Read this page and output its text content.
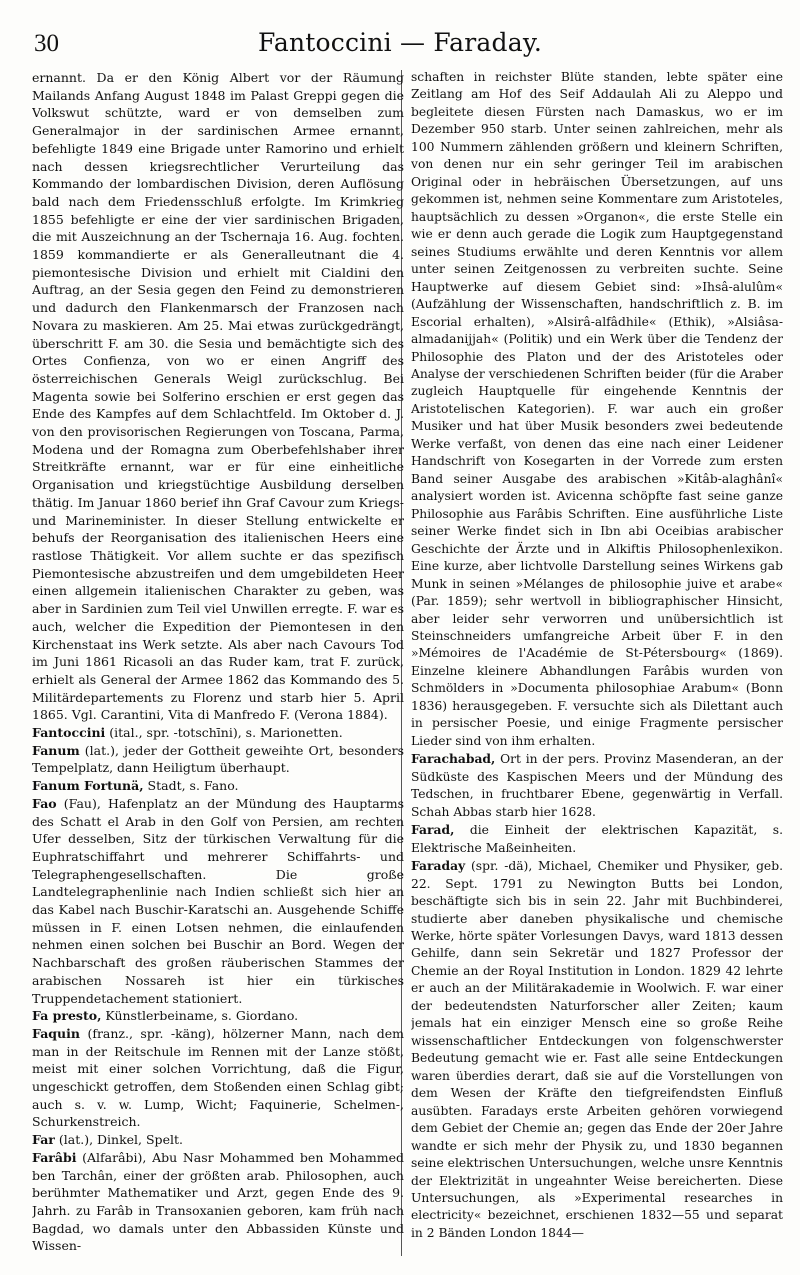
30	Fantoccini — Faraday.

ernannt. Da er den König Albert vor der Räumung Mailands Anfang August 1848 im Palast Greppi gegen die Volkswut schützte, ward er von demselben zum Generalmajor in der sardinischen Armee ernannt, befehligte 1849 eine Brigade unter Ramorino und erhielt nach dessen kriegsrechtlicher Verurteilung das Kommando der lombardischen Division, deren Auflösung bald nach dem Friedensschluß erfolgte. Im Krimkrieg 1855 befehligte er eine der vier sardinischen Brigaden, die mit Auszeichnung an der Tschernaja 16. Aug. fochten. 1859 kommandierte er als Generalleutnant die 4. piemontesische Division und erhielt mit Cialdini den Auftrag, an der Sesia gegen den Feind zu demonstrieren und dadurch den Flankenmarsch der Franzosen nach Novara zu maskieren. Am 25. Mai etwas zurückgedrängt, überschritt F. am 30. die Sesia und bemächtigte sich des Ortes Confienza, von wo er einen Angriff des österreichischen Generals Weigl zurückschlug. Bei Magenta sowie bei Solferino erschien er erst gegen das Ende des Kampfes auf dem Schlachtfeld. Im Oktober d. J. von den provisorischen Regierungen von Toscana, Parma, Modena und der Romagna zum Oberbefehlshaber ihrer Streitkräfte ernannt, war er für eine einheitliche Organisation und kriegstüchtige Ausbildung derselben thätig. Im Januar 1860 berief ihn Graf Cavour zum Kriegs- und Marineminister. In dieser Stellung entwickelte er behufs der Reorganisation des italienischen Heers eine rastlose Thätigkeit. Vor allem suchte er das spezifisch Piemontesische abzustreifen und dem umgebildeten Heer einen allgemein italienischen Charakter zu geben, was aber in Sardinien zum Teil viel Unwillen erregte. F. war es auch, welcher die Expedition der Piemontesen in den Kirchenstaat ins Werk setzte. Als aber nach Cavours Tod im Juni 1861 Ricasoli an das Ruder kam, trat F. zurück, erhielt als General der Armee 1862 das Kommando des 5. Militärdepartements zu Florenz und starb hier 5. April 1865. Vgl. Carantini, Vita di Manfredo F. (Verona 1884).

Fantoccini (ital., spr. -totschīni), s. Marionetten.

Fanum (lat.), jeder der Gottheit geweihte Ort, besonders Tempelplatz, dann Heiligtum überhaupt.

Fanum Fortunä, Stadt, s. Fano.

Fao (Fau), Hafenplatz an der Mündung des Hauptarms des Schatt el Arab in den Golf von Persien, am rechten Ufer desselben, Sitz der türkischen Verwaltung für die Euphratschiffahrt und mehrerer Schiffahrts- und Telegraphengesellschaften. Die große Landtelegraphenlinie nach Indien schließt sich hier an das Kabel nach Buschir-Karatschi an. Ausgehende Schiffe müssen in F. einen Lotsen nehmen, die einlaufenden nehmen einen solchen bei Buschir an Bord. Wegen der Nachbarschaft des großen räuberischen Stammes der arabischen Nossareh ist hier ein türkisches Truppendetachement stationiert.

Fa presto, Künstlerbeiname, s. Giordano.

Faquin (franz., spr. -käng), hölzerner Mann, nach dem man in der Reitschule im Rennen mit der Lanze stößt, meist mit einer solchen Vorrichtung, daß die Figur, ungeschickt getroffen, dem Stoßenden einen Schlag gibt; auch s. v. w. Lump, Wicht; Faquinerie, Schelmen-, Schurkenstreich.

Far (lat.), Dinkel, Spelt.

Farâbi (Alfarâbi), Abu Nasr Mohammed ben Mohammed ben Tarchân, einer der größten arab. Philosophen, auch berühmter Mathematiker und Arzt, gegen Ende des 9. Jahrh. zu Farâb in Transoxanien geboren, kam früh nach Bagdad, wo damals unter den Abbassiden Künste und Wissen-

schaften in reichster Blüte standen, lebte später eine Zeitlang am Hof des Seif Addaulah Ali zu Aleppo und begleitete diesen Fürsten nach Damaskus, wo er im Dezember 950 starb. Unter seinen zahlreichen, mehr als 100 Nummern zählenden größern und kleinern Schriften, von denen nur ein sehr geringer Teil im arabischen Original oder in hebräischen Übersetzungen, auf uns gekommen ist, nehmen seine Kommentare zum Aristoteles, hauptsächlich zu dessen »Organon«, die erste Stelle ein wie er denn auch gerade die Logik zum Hauptgegenstand seines Studiums erwählte und deren Kenntnis vor allem unter seinen Zeitgenossen zu verbreiten suchte. Seine Hauptwerke auf diesem Gebiet sind: »Ihsâ-alulûm« (Aufzählung der Wissenschaften, handschriftlich z. B. im Escorial erhalten), »Alsirâ-alfâdhile« (Ethik), »Alsiâsa-almadanijjah« (Politik) und ein Werk über die Tendenz der Philosophie des Platon und der des Aristoteles oder Analyse der verschiedenen Schriften beider (für die Araber zugleich Hauptquelle für eingehende Kenntnis der Aristotelischen Kategorien). F. war auch ein großer Musiker und hat über Musik besonders zwei bedeutende Werke verfaßt, von denen das eine nach einer Leidener Handschrift von Kosegarten in der Vorrede zum ersten Band seiner Ausgabe des arabischen »Kitâb-alaghânî« analysiert worden ist. Avicenna schöpfte fast seine ganze Philosophie aus Farâbis Schriften. Eine ausführliche Liste seiner Werke findet sich in Ibn abi Oceibias arabischer Geschichte der Ärzte und in Alkiftis Philosophenlexikon. Eine kurze, aber lichtvolle Darstellung seines Wirkens gab Munk in seinen »Mélanges de philosophie juive et arabe« (Par. 1859); sehr wertvoll in bibliographischer Hinsicht, aber leider sehr verworren und unübersichtlich ist Steinschneiders umfangreiche Arbeit über F. in den »Mémoires de l'Académie de St-Pétersbourg« (1869). Einzelne kleinere Abhandlungen Farâbis wurden von Schmölders in »Documenta philosophiae Arabum« (Bonn 1836) herausgegeben. F. versuchte sich als Dilettant auch in persischer Poesie, und einige Fragmente persischer Lieder sind von ihm erhalten.

Farachabad, Ort in der pers. Provinz Masenderan, an der Südküste des Kaspischen Meers und der Mündung des Tedschen, in fruchtbarer Ebene, gegenwärtig in Verfall. Schah Abbas starb hier 1628.

Farad, die Einheit der elektrischen Kapazität, s. Elektrische Maßeinheiten.

Faraday (spr. -dä), Michael, Chemiker und Physiker, geb. 22. Sept. 1791 zu Newington Butts bei London, beschäftigte sich bis in sein 22. Jahr mit Buchbinderei, studierte aber daneben physikalische und chemische Werke, hörte später Vorlesungen Davys, ward 1813 dessen Gehilfe, dann sein Sekretär und 1827 Professor der Chemie an der Royal Institution in London. 1829 42 lehrte er auch an der Militärakademie in Woolwich. F. war einer der bedeutendsten Naturforscher aller Zeiten; kaum jemals hat ein einziger Mensch eine so große Reihe wissenschaftlicher Entdeckungen von folgenschwerster Bedeutung gemacht wie er. Fast alle seine Entdeckungen waren überdies derart, daß sie auf die Vorstellungen von dem Wesen der Kräfte den tiefgreifendsten Einfluß ausübten. Faradays erste Arbeiten gehören vorwiegend dem Gebiet der Chemie an; gegen das Ende der 20er Jahre wandte er sich mehr der Physik zu, und 1830 begannen seine elektrischen Untersuchungen, welche unsre Kenntnis der Elektrizität in ungeahnter Weise bereicherten. Diese Untersuchungen, als »Experimental researches in electricity« bezeichnet, erschienen 1832—55 und separat in 2 Bänden London 1844—
